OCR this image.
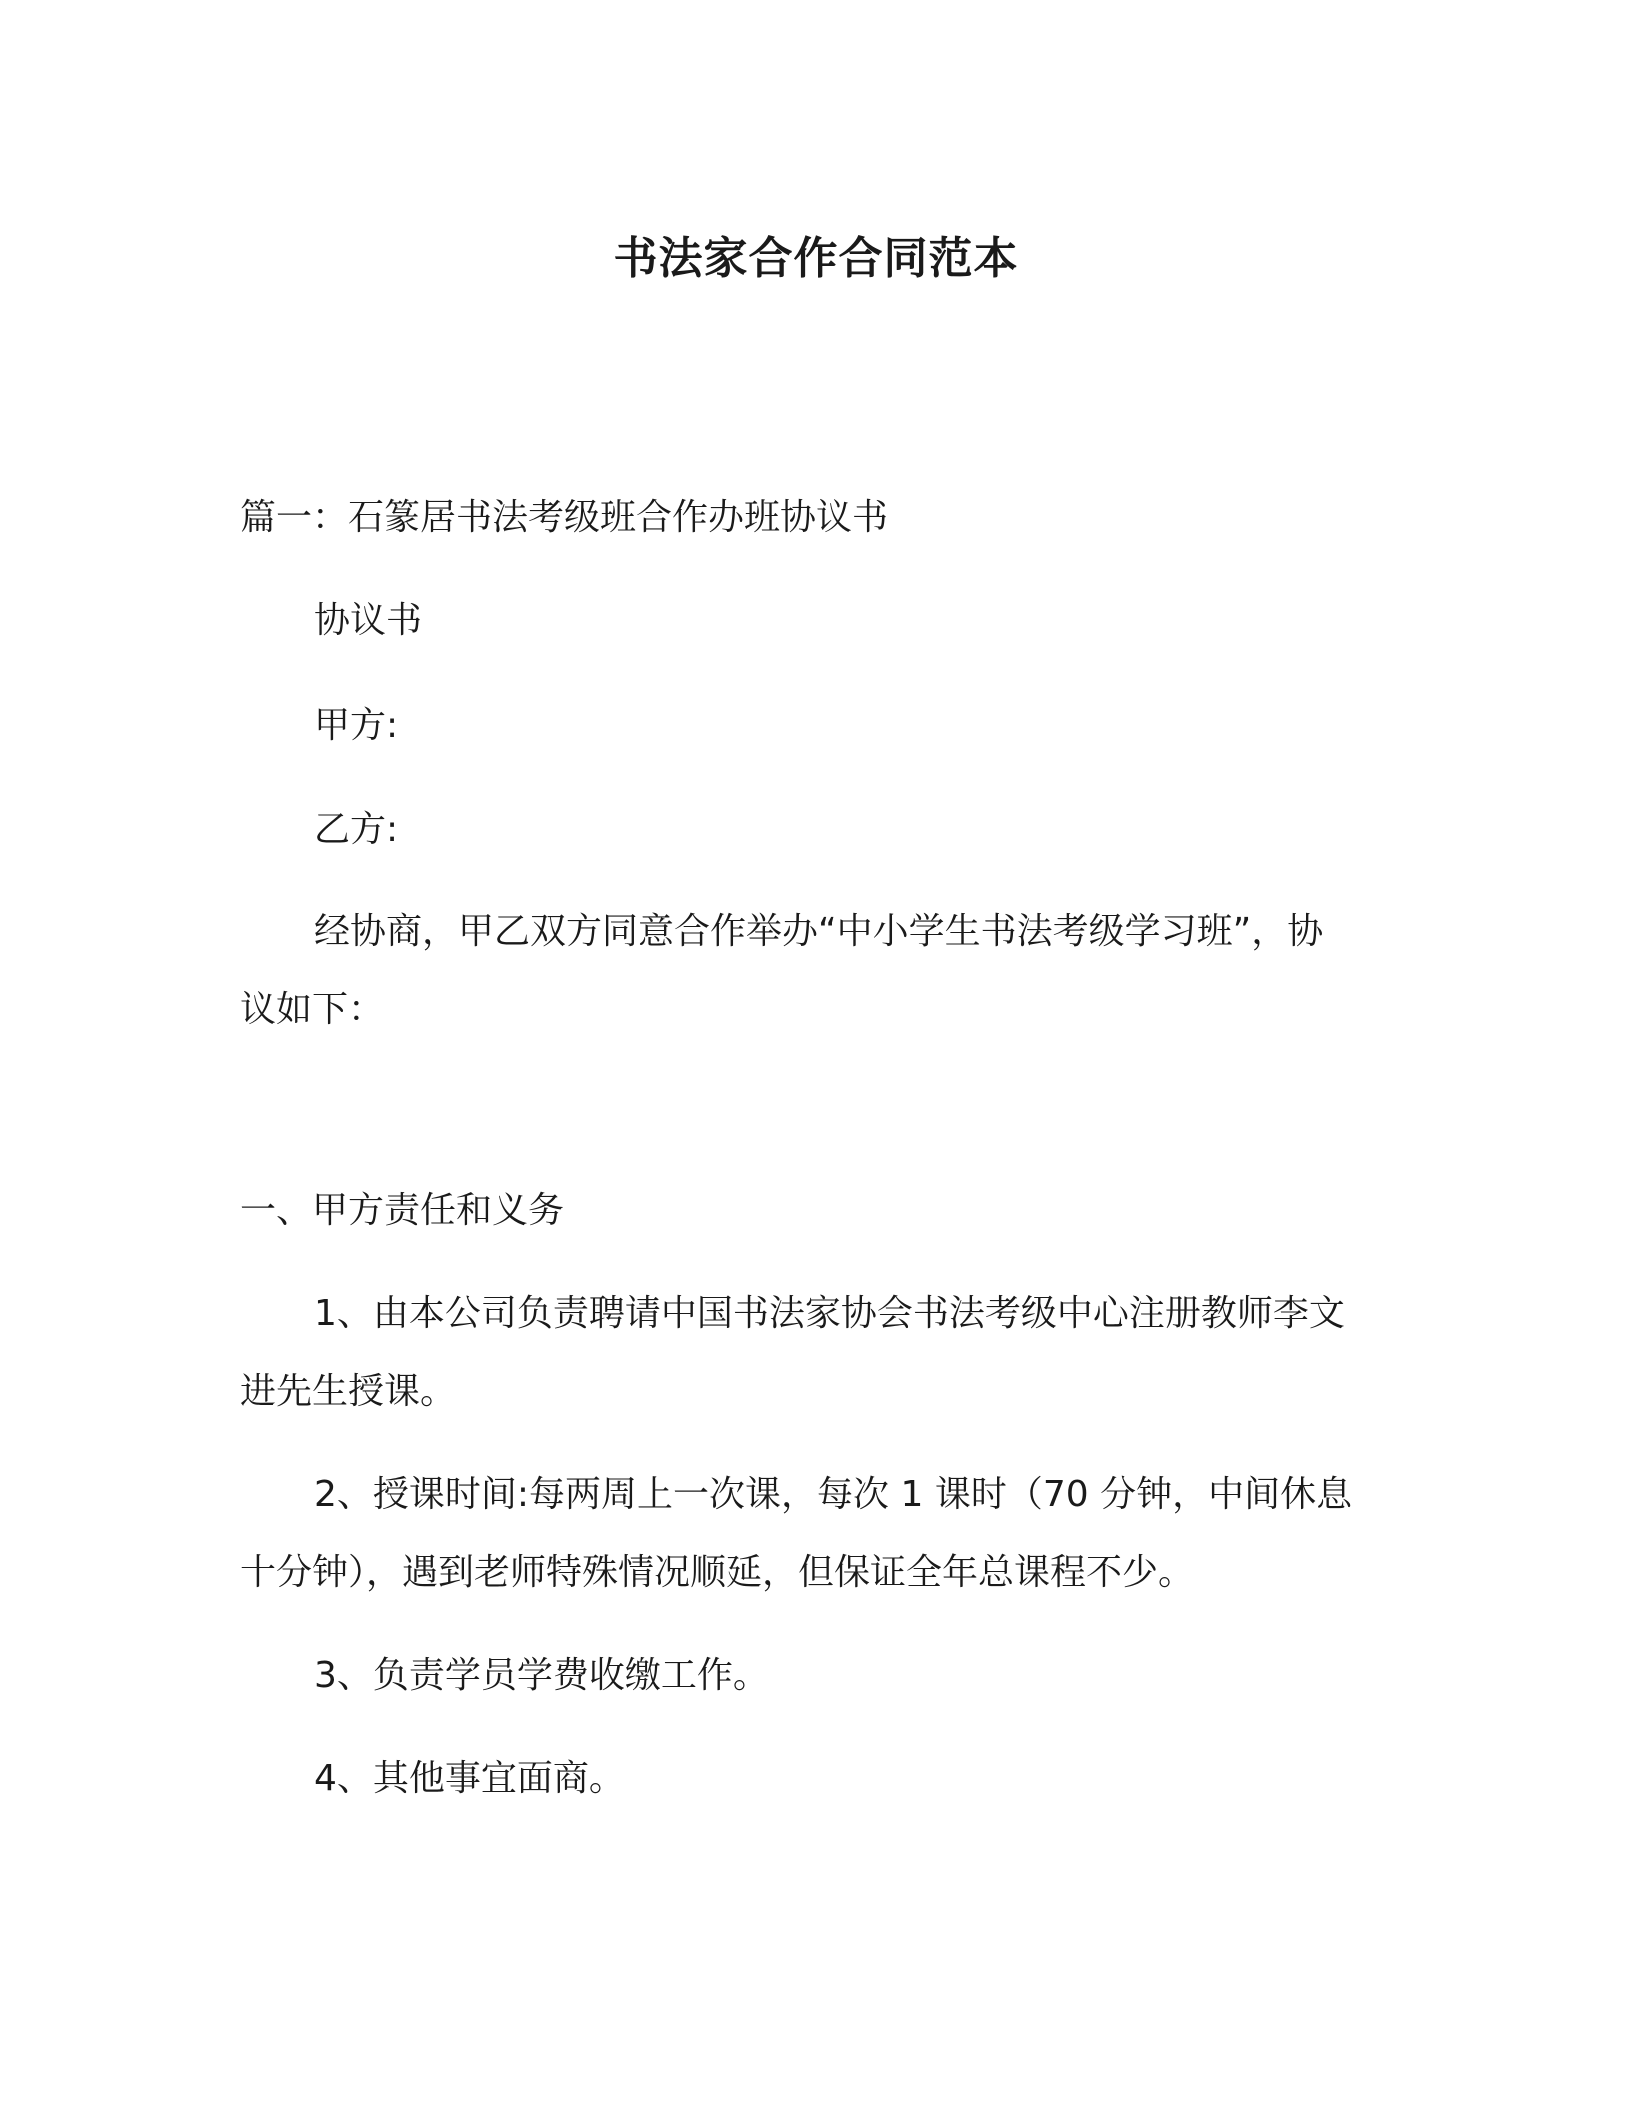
书法家合作合同范本
篇一：石篆居书法考级班合作办班协议书
协议书
甲方:
乙方:
经协商，甲乙双方同意合作举办“中小学生书法考级学习班”，协
议如下：
一、甲方责任和义务
1、由本公司负责聘请中国书法家协会书法考级中心注册教师李文
进先生授课。
2、授课时间:每两周上一次课，每次 1 课时（70 分钟，中间休息
十分钟），遇到老师特殊情况顺延，但保证全年总课程不少。
3、负责学员学费收缴工作。
4、其他事宜面商。
